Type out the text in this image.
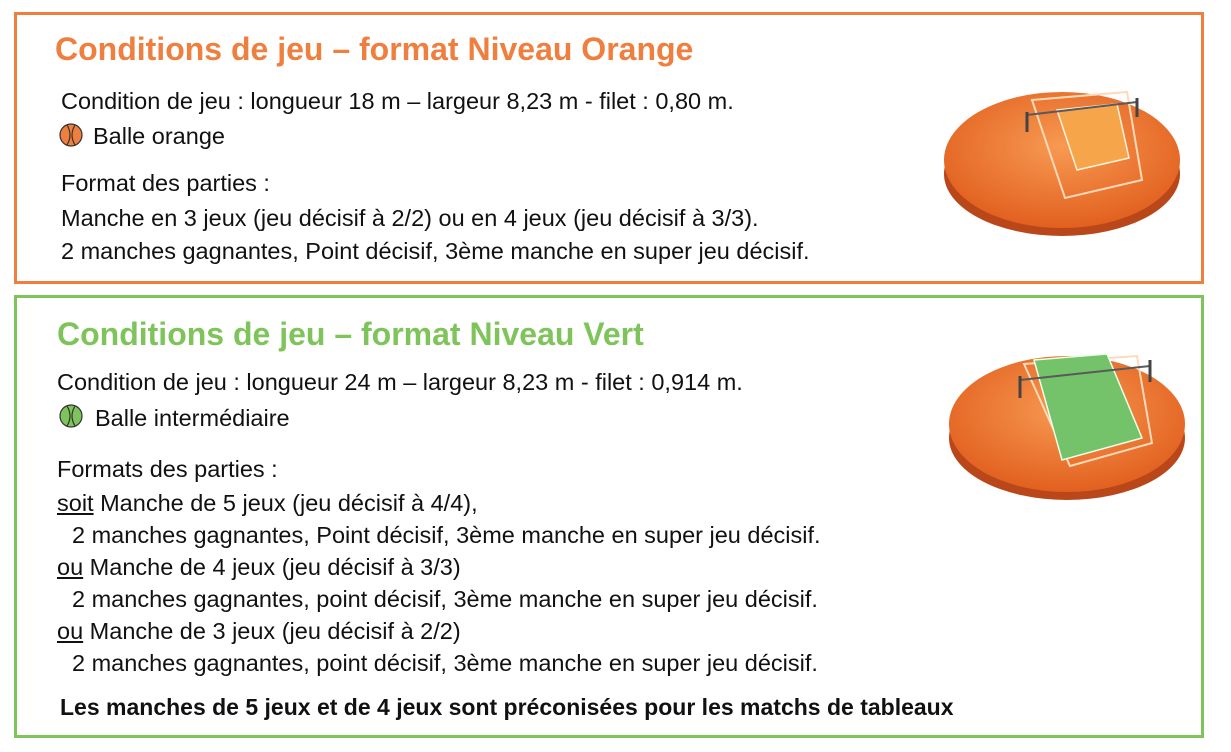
Conditions de jeu – format Niveau Orange
Condition de jeu : longueur 18 m – largeur 8,23 m - filet : 0,80 m.
Balle orange
Format des parties :
Manche en 3 jeux (jeu décisif à 2/2) ou en 4 jeux (jeu décisif à 3/3).
2 manches gagnantes, Point décisif, 3ème manche en super jeu décisif.
Conditions de jeu – format Niveau Vert
Condition de jeu : longueur 24 m – largeur 8,23 m - filet : 0,914 m.
Balle intermédiaire
Formats des parties :
soit Manche de 5 jeux (jeu décisif à 4/4),
2 manches gagnantes, Point décisif, 3ème manche en super jeu décisif.
ou Manche de 4 jeux (jeu décisif à 3/3)
2 manches gagnantes, point décisif, 3ème manche en super jeu décisif.
ou Manche de 3 jeux (jeu décisif à 2/2)
2 manches gagnantes, point décisif, 3ème manche en super jeu décisif.
Les manches de 5 jeux et de 4 jeux sont préconisées pour les matchs de tableaux
